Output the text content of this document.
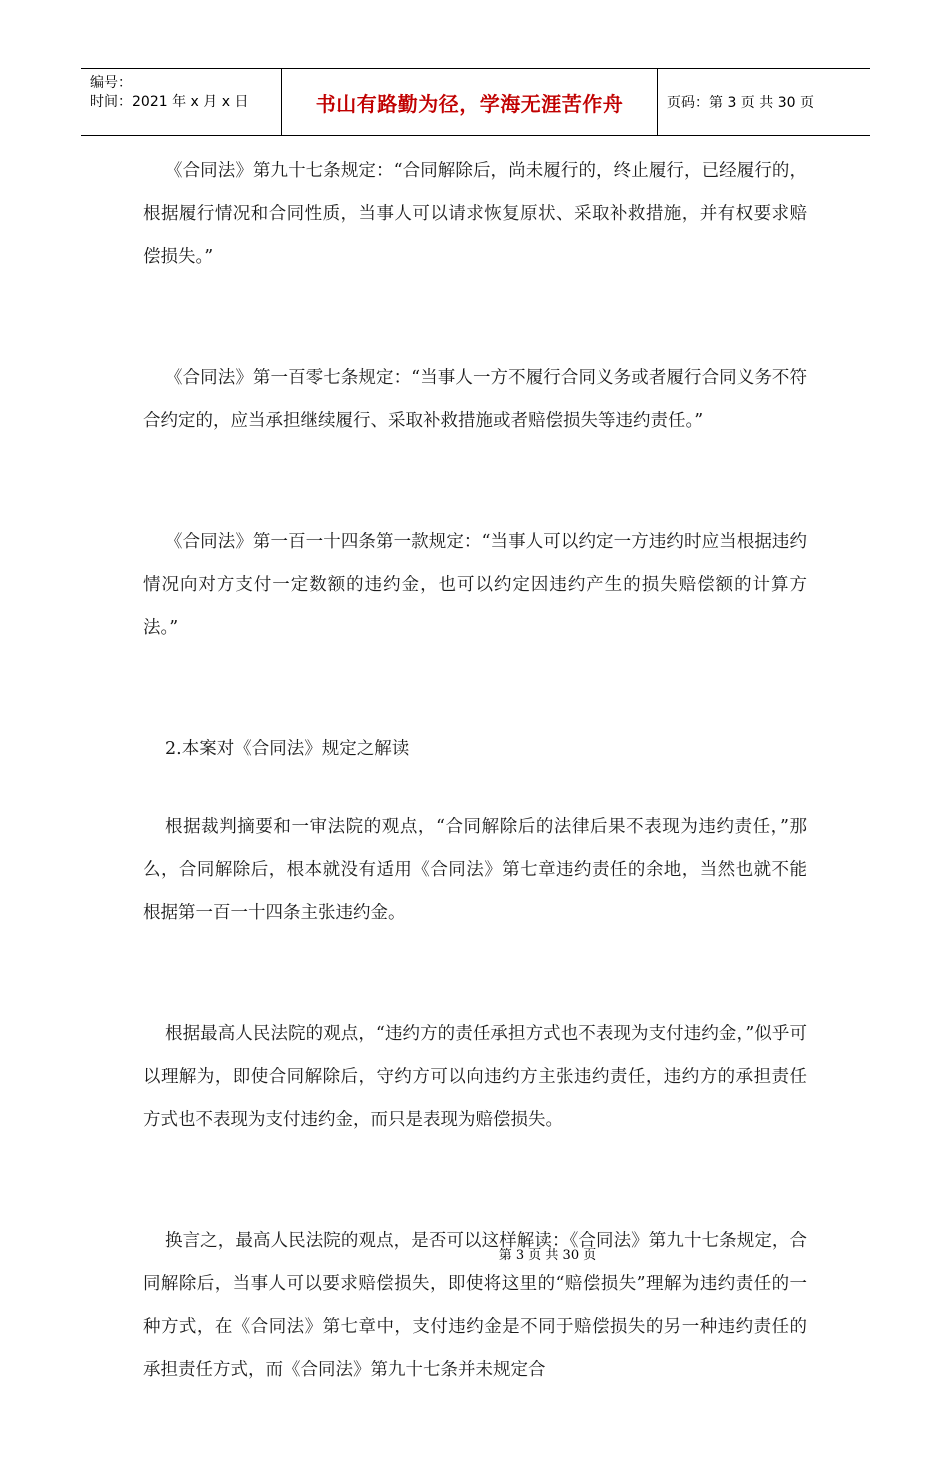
编号：
时间：2021 年 x 月 x 日	书山有路勤为径，学海无涯苦作舟	页码：第 3 页 共 30 页

《合同法》第九十七条规定：“合同解除后，尚未履行的，终止履行，已经履行的，根据履行情况和合同性质，当事人可以请求恢复原状、采取补救措施，并有权要求赔偿损失。”

《合同法》第一百零七条规定：“当事人一方不履行合同义务或者履行合同义务不符合约定的，应当承担继续履行、采取补救措施或者赔偿损失等违约责任。”

《合同法》第一百一十四条第一款规定：“当事人可以约定一方违约时应当根据违约情况向对方支付一定数额的违约金，也可以约定因违约产生的损失赔偿额的计算方法。”

2.本案对《合同法》规定之解读

根据裁判摘要和一审法院的观点，“合同解除后的法律后果不表现为违约责任，”那么，合同解除后，根本就没有适用《合同法》第七章违约责任的余地，当然也就不能根据第一百一十四条主张违约金。

根据最高人民法院的观点，“违约方的责任承担方式也不表现为支付违约金，”似乎可以理解为，即使合同解除后，守约方可以向违约方主张违约责任，违约方的承担责任方式也不表现为支付违约金，而只是表现为赔偿损失。

换言之，最高人民法院的观点，是否可以这样解读：《合同法》第九十七条规定，合同解除后，当事人可以要求赔偿损失，即使将这里的“赔偿损失”理解为违约责任的一种方式，在《合同法》第七章中，支付违约金是不同于赔偿损失的另一种违约责任的承担责任方式，而《合同法》第九十七条并未规定合

第 3 页 共 30 页
